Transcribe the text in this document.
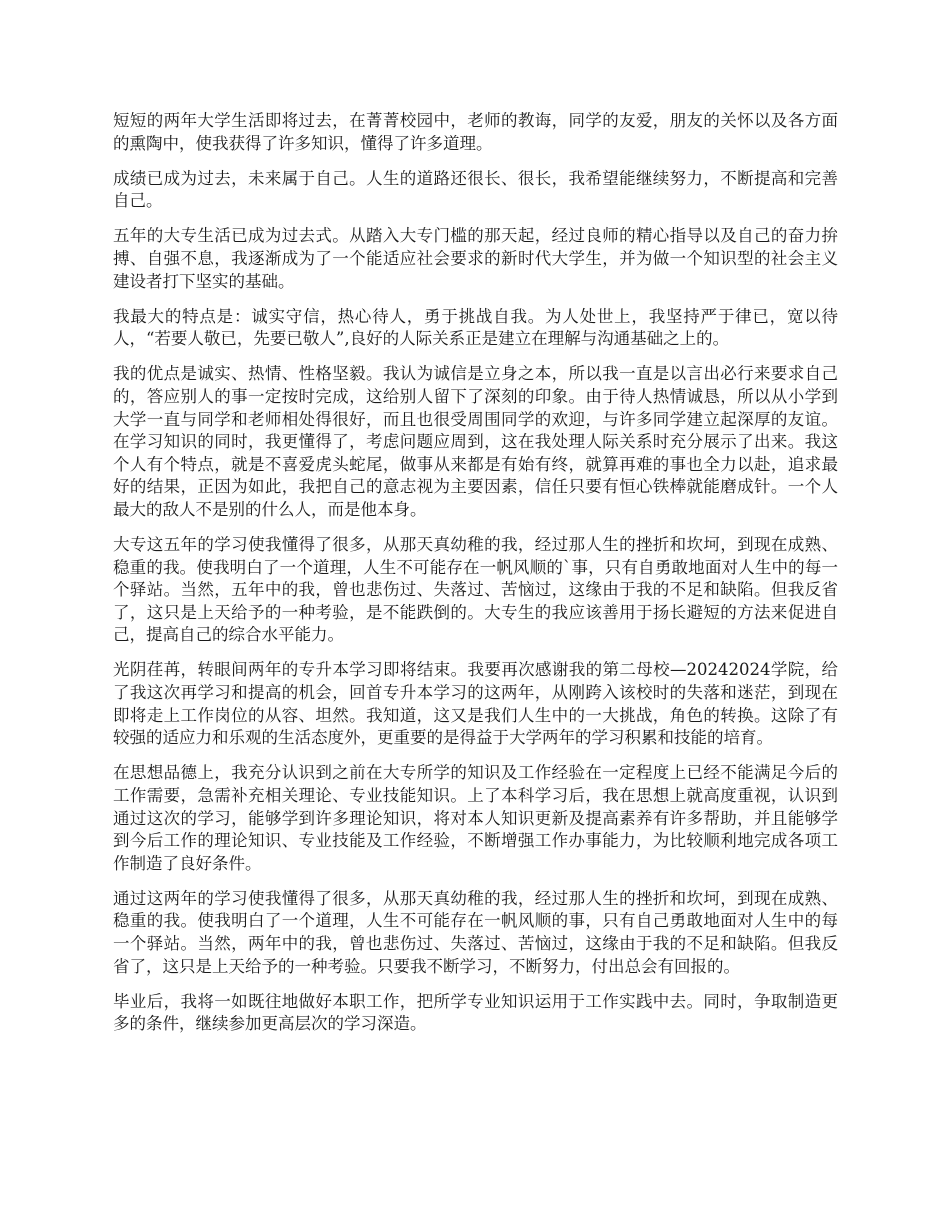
短短的两年大学生活即将过去，在菁菁校园中，老师的教诲，同学的友爱，朋友的关怀以及各方面的熏陶中，使我获得了许多知识，懂得了许多道理。

成绩已成为过去，未来属于自己。人生的道路还很长、很长，我希望能继续努力，不断提高和完善自己。

五年的大专生活已成为过去式。从踏入大专门槛的那天起，经过良师的精心指导以及自己的奋力拚搏、自强不息，我逐渐成为了一个能适应社会要求的新时代大学生，并为做一个知识型的社会主义建设者打下坚实的基础。

我最大的特点是：诚实守信，热心待人，勇于挑战自我。为人处世上，我坚持严于律已，宽以待人，“若要人敬已，先要已敬人”,良好的人际关系正是建立在理解与沟通基础之上的。

我的优点是诚实、热情、性格坚毅。我认为诚信是立身之本，所以我一直是以言出必行来要求自己的，答应别人的事一定按时完成，这给别人留下了深刻的印象。由于待人热情诚恳，所以从小学到大学一直与同学和老师相处得很好，而且也很受周围同学的欢迎，与许多同学建立起深厚的友谊。在学习知识的同时，我更懂得了，考虑问题应周到，这在我处理人际关系时充分展示了出来。我这个人有个特点，就是不喜爱虎头蛇尾，做事从来都是有始有终，就算再难的事也全力以赴，追求最好的结果，正因为如此，我把自己的意志视为主要因素，信任只要有恒心铁棒就能磨成针。一个人最大的敌人不是别的什么人，而是他本身。

大专这五年的学习使我懂得了很多，从那天真幼稚的我，经过那人生的挫折和坎坷，到现在成熟、稳重的我。使我明白了一个道理，人生不可能存在一帆风顺的`事，只有自勇敢地面对人生中的每一个驿站。当然，五年中的我，曾也悲伤过、失落过、苦恼过，这缘由于我的不足和缺陷。但我反省了，这只是上天给予的一种考验，是不能跌倒的。大专生的我应该善用于扬长避短的方法来促进自己，提高自己的综合水平能力。

光阴荏苒，转眼间两年的专升本学习即将结束。我要再次感谢我的第二母校—20242024学院，给了我这次再学习和提高的机会，回首专升本学习的这两年，从刚跨入该校时的失落和迷茫，到现在即将走上工作岗位的从容、坦然。我知道，这又是我们人生中的一大挑战，角色的转换。这除了有较强的适应力和乐观的生活态度外，更重要的是得益于大学两年的学习积累和技能的培育。

在思想品德上，我充分认识到之前在大专所学的知识及工作经验在一定程度上已经不能满足今后的工作需要，急需补充相关理论、专业技能知识。上了本科学习后，我在思想上就高度重视，认识到通过这次的学习，能够学到许多理论知识，将对本人知识更新及提高素养有许多帮助，并且能够学到今后工作的理论知识、专业技能及工作经验，不断增强工作办事能力，为比较顺利地完成各项工作制造了良好条件。

通过这两年的学习使我懂得了很多，从那天真幼稚的我，经过那人生的挫折和坎坷，到现在成熟、稳重的我。使我明白了一个道理，人生不可能存在一帆风顺的事，只有自己勇敢地面对人生中的每一个驿站。当然，两年中的我，曾也悲伤过、失落过、苦恼过，这缘由于我的不足和缺陷。但我反省了，这只是上天给予的一种考验。只要我不断学习，不断努力，付出总会有回报的。

毕业后，我将一如既往地做好本职工作，把所学专业知识运用于工作实践中去。同时，争取制造更多的条件，继续参加更高层次的学习深造。
